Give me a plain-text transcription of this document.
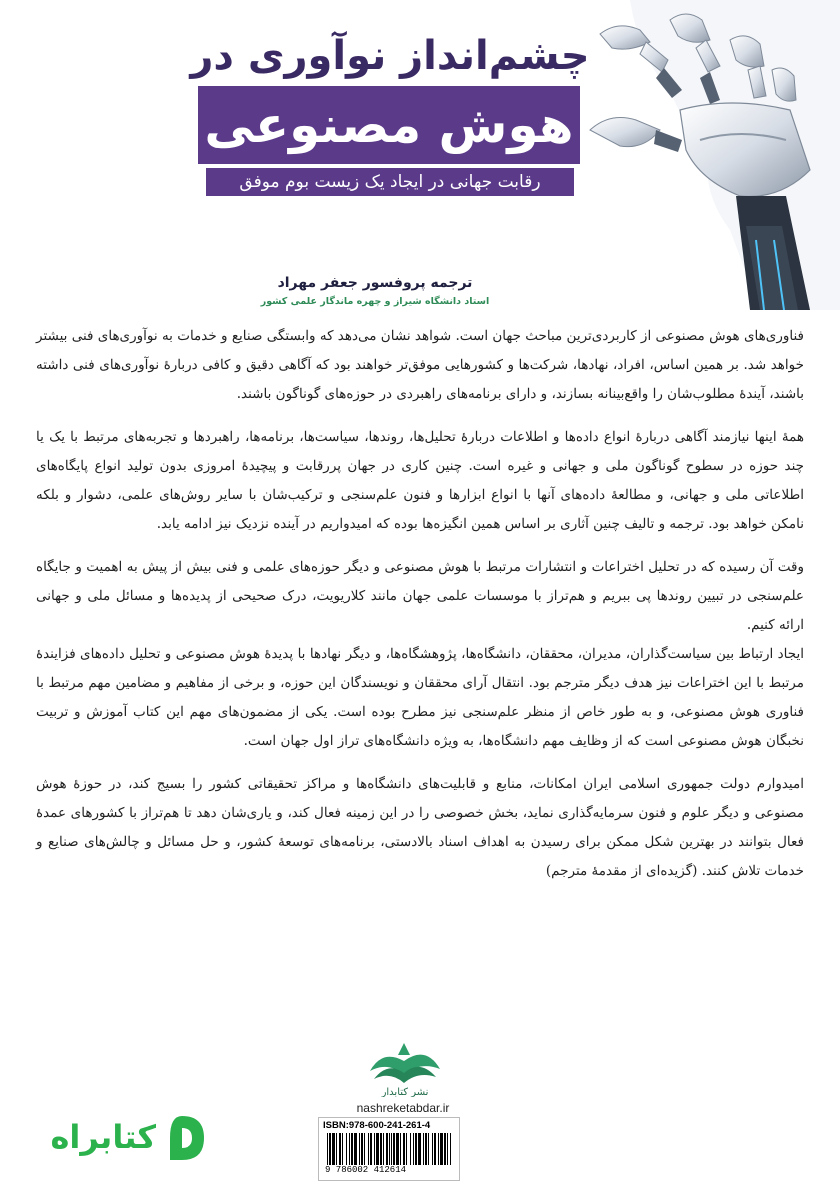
چشم‌انداز نوآوری در
هوش مصنوعی
رقابت جهانی در ایجاد یک زیست بوم موفق
ترجمه پروفسور جعفر مهراد
استاد دانشگاه شیراز و چهره ماندگار علمی کشور

فناوری‌های هوش مصنوعی از کاربردی‌ترین مباحث جهان است. شواهد نشان می‌دهد که وابستگی صنایع و خدمات به نوآوری‌های فنی بیشتر خواهد شد. بر همین اساس، افراد، نهادها، شرکت‌ها و کشورهایی موفق‌تر خواهند بود که آگاهی دقیق و کافی دربارهٔ نوآوری‌های فنی داشته باشند، آیندهٔ مطلوب‌شان را واقع‌بینانه بسازند، و دارای برنامه‌های راهبردی در حوزه‌های گوناگون باشند.

همهٔ اینها نیازمند آگاهی دربارهٔ انواع داده‌ها و اطلاعات دربارهٔ تحلیل‌ها، روندها، سیاست‌ها، برنامه‌ها، راهبردها و تجربه‌های مرتبط با یک یا چند حوزه در سطوح گوناگون ملی و جهانی و غیره است. چنین کاری در جهان پررقابت و پیچیدهٔ امروزی بدون تولید انواع پایگاه‌های اطلاعاتی ملی و جهانی، و مطالعهٔ داده‌های آنها با انواع ابزارها و فنون علم‌سنجی و ترکیب‌شان با سایر روش‌های علمی، دشوار و بلکه نامکن خواهد بود. ترجمه و تالیف چنین آثاری بر اساس همین انگیزه‌ها بوده که امیدواریم در آینده نزدیک نیز ادامه یابد.

وقت آن رسیده که در تحلیل اختراعات و انتشارات مرتبط با هوش مصنوعی و دیگر حوزه‌های علمی و فنی بیش از پیش به اهمیت و جایگاه علم‌سنجی در تبیین روندها پی ببریم و هم‌تراز با موسسات علمی جهان مانند کلاریویت، درک صحیحی از پدیده‌ها و مسائل ملی و جهانی ارائه کنیم.

ایجاد ارتباط بین سیاست‌گذاران، مدیران، محققان، دانشگاه‌ها، پژوهشگاه‌ها، و دیگر نهادها با پدیدهٔ هوش مصنوعی و تحلیل داده‌های فزایندهٔ مرتبط با این اختراعات نیز هدف دیگر مترجم بود. انتقال آرای محققان و نویسندگان این حوزه، و برخی از مفاهیم و مضامین مهم مرتبط با فناوری هوش مصنوعی، و به طور خاص از منظر علم‌سنجی نیز مطرح بوده است. یکی از مضمون‌های مهم این کتاب آموزش و تربیت نخبگان هوش مصنوعی است که از وظایف مهم دانشگاه‌ها، به ویژه دانشگاه‌های تراز اول جهان است.

امیدوارم دولت جمهوری اسلامی ایران امکانات، منابع و قابلیت‌های دانشگاه‌ها و مراکز تحقیقاتی کشور را بسیج کند، در حوزهٔ هوش مصنوعی و دیگر علوم و فنون سرمایه‌گذاری نماید، بخش خصوصی را در این زمینه فعال کند، و یاری‌شان دهد تا هم‌تراز با کشورهای عمدهٔ فعال بتوانند در بهترین شکل ممکن برای رسیدن به اهداف اسناد بالادستی، برنامه‌های توسعهٔ کشور، و حل مسائل و چالش‌های صنایع و خدمات تلاش کنند. (گزیده‌ای از مقدمهٔ مترجم)

نشر کتابدار
nashreketabdar.ir
ISBN:978-600-241-261-4
9 786002 412614
کتابراه
